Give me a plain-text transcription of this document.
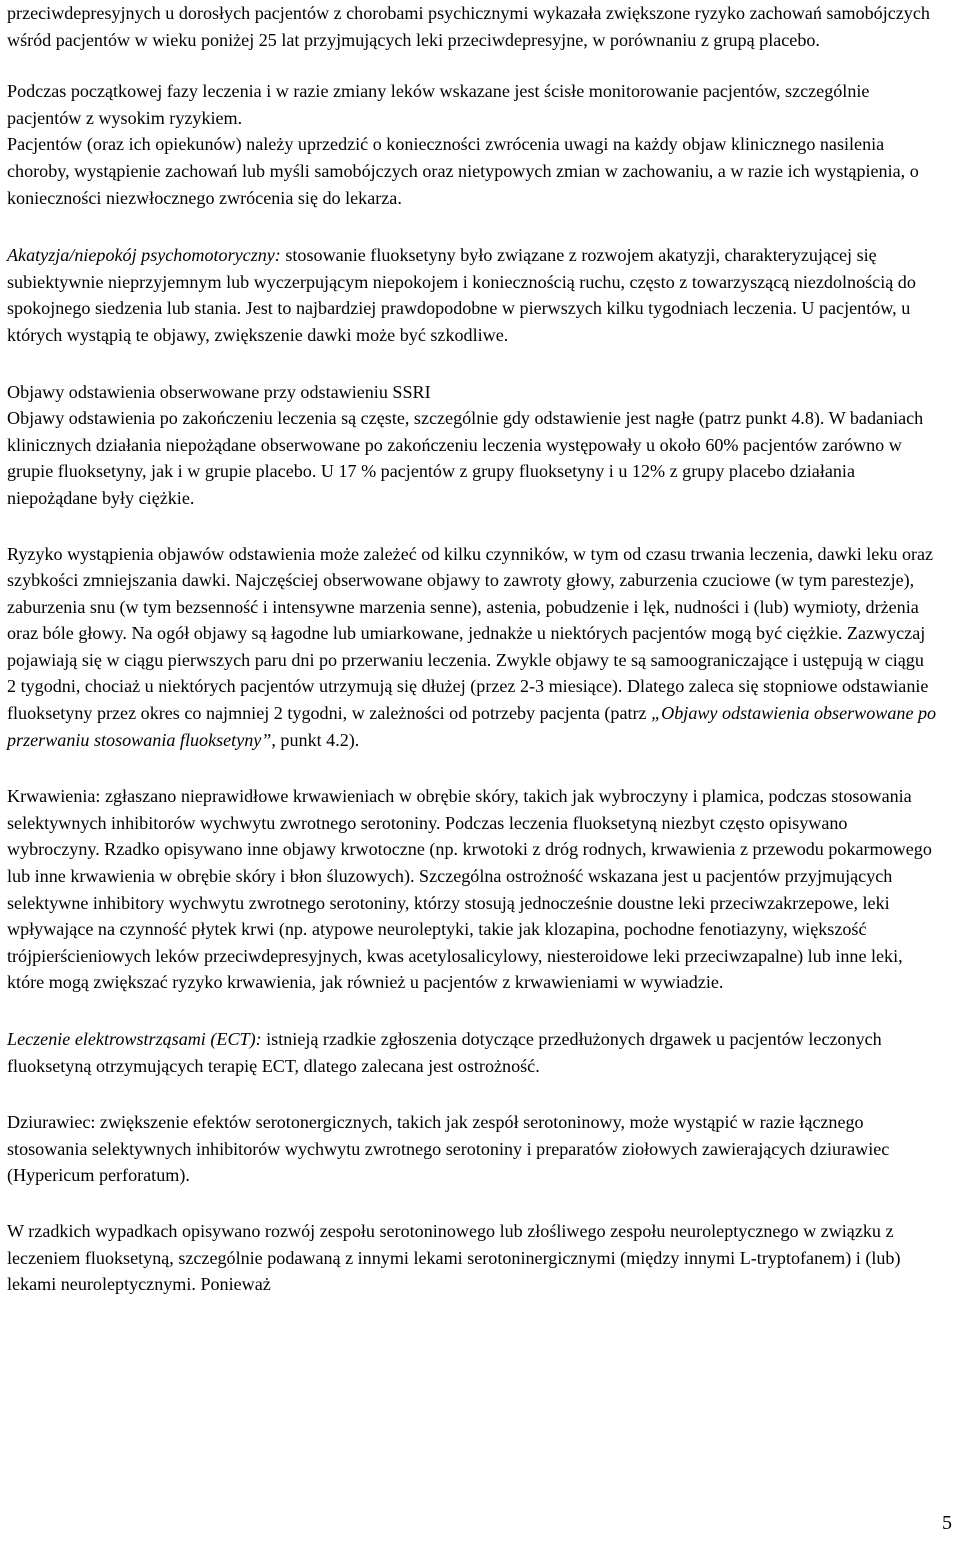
przeciwdepresyjnych u dorosłych pacjentów z chorobami psychicznymi wykazała zwiększone ryzyko zachowań samobójczych wśród pacjentów w wieku poniżej 25 lat przyjmujących leki przeciwdepresyjne, w porównaniu z grupą placebo.

Podczas początkowej fazy leczenia i w razie zmiany leków wskazane jest ścisłe monitorowanie pacjentów, szczególnie pacjentów z wysokim ryzykiem.

Pacjentów (oraz ich opiekunów) należy uprzedzić o konieczności zwrócenia uwagi na każdy objaw klinicznego nasilenia choroby, wystąpienie zachowań lub myśli samobójczych oraz nietypowych zmian w zachowaniu, a w razie ich wystąpienia, o konieczności niezwłocznego zwrócenia się do lekarza.

Akatyzja/niepokój psychomotoryczny: stosowanie fluoksetyny było związane z rozwojem akatyzji, charakteryzującej się subiektywnie nieprzyjemnym lub wyczerpującym niepokojem i koniecznością ruchu, często z towarzyszącą niezdolnością do spokojnego siedzenia lub stania. Jest to najbardziej prawdopodobne w pierwszych kilku tygodniach leczenia. U pacjentów, u których wystąpią te objawy, zwiększenie dawki może być szkodliwe.

Objawy odstawienia obserwowane przy odstawieniu SSRI

Objawy odstawienia po zakończeniu leczenia są częste, szczególnie gdy odstawienie jest nagłe (patrz punkt 4.8). W badaniach klinicznych działania niepożądane obserwowane po zakończeniu leczenia występowały u około 60% pacjentów zarówno w grupie fluoksetyny, jak i w grupie placebo. U 17 % pacjentów z grupy fluoksetyny i u 12% z grupy placebo działania niepożądane były ciężkie.

Ryzyko wystąpienia objawów odstawienia może zależeć od kilku czynników, w tym od czasu trwania leczenia, dawki leku oraz szybkości zmniejszania dawki. Najczęściej obserwowane objawy to zawroty głowy, zaburzenia czuciowe (w tym parestezje), zaburzenia snu (w tym bezsenność i intensywne marzenia senne), astenia, pobudzenie i lęk, nudności i (lub) wymioty, drżenia oraz bóle głowy. Na ogół objawy są łagodne lub umiarkowane, jednakże u niektórych pacjentów mogą być ciężkie. Zazwyczaj pojawiają się w ciągu pierwszych paru dni po przerwaniu leczenia. Zwykle objawy te są samoograniczające i ustępują w ciągu 2 tygodni, chociaż u niektórych pacjentów utrzymują się dłużej (przez 2-3 miesiące). Dlatego zaleca się stopniowe odstawianie fluoksetyny przez okres co najmniej 2 tygodni, w zależności od potrzeby pacjenta (patrz „Objawy odstawienia obserwowane po przerwaniu stosowania fluoksetyny”, punkt 4.2).

Krwawienia: zgłaszano nieprawidłowe krwawieniach w obrębie skóry, takich jak wybroczyny i plamica, podczas stosowania selektywnych inhibitorów wychwytu zwrotnego serotoniny. Podczas leczenia fluoksetyną niezbyt często opisywano wybroczyny. Rzadko opisywano inne objawy krwotoczne (np. krwotoki z dróg rodnych, krwawienia z przewodu pokarmowego lub inne krwawienia w obrębie skóry i błon śluzowych). Szczególna ostrożność wskazana jest u pacjentów przyjmujących selektywne inhibitory wychwytu zwrotnego serotoniny, którzy stosują jednocześnie doustne leki przeciwzakrzepowe, leki wpływające na czynność płytek krwi (np. atypowe neuroleptyki, takie jak klozapina, pochodne fenotiazyny, większość trójpierścieniowych leków przeciwdepresyjnych, kwas acetylosalicylowy, niesteroidowe leki przeciwzapalne) lub inne leki, które mogą zwiększać ryzyko krwawienia, jak również u pacjentów z krwawieniami w wywiadzie.

Leczenie elektrowstrząsami (ECT): istnieją rzadkie zgłoszenia dotyczące przedłużonych drgawek u pacjentów leczonych fluoksetyną otrzymujących terapię ECT, dlatego zalecana jest ostrożność.

Dziurawiec: zwiększenie efektów serotonergicznych, takich jak zespół serotoninowy, może wystąpić w razie łącznego stosowania selektywnych inhibitorów wychwytu zwrotnego serotoniny i preparatów ziołowych zawierających dziurawiec (Hypericum perforatum).

W rzadkich wypadkach opisywano rozwój zespołu serotoninowego lub złośliwego zespołu neuroleptycznego w związku z leczeniem fluoksetyną, szczególnie podawaną z innymi lekami serotoninergicznymi (między innymi L-tryptofanem) i (lub) lekami neuroleptycznymi. Ponieważ

5
